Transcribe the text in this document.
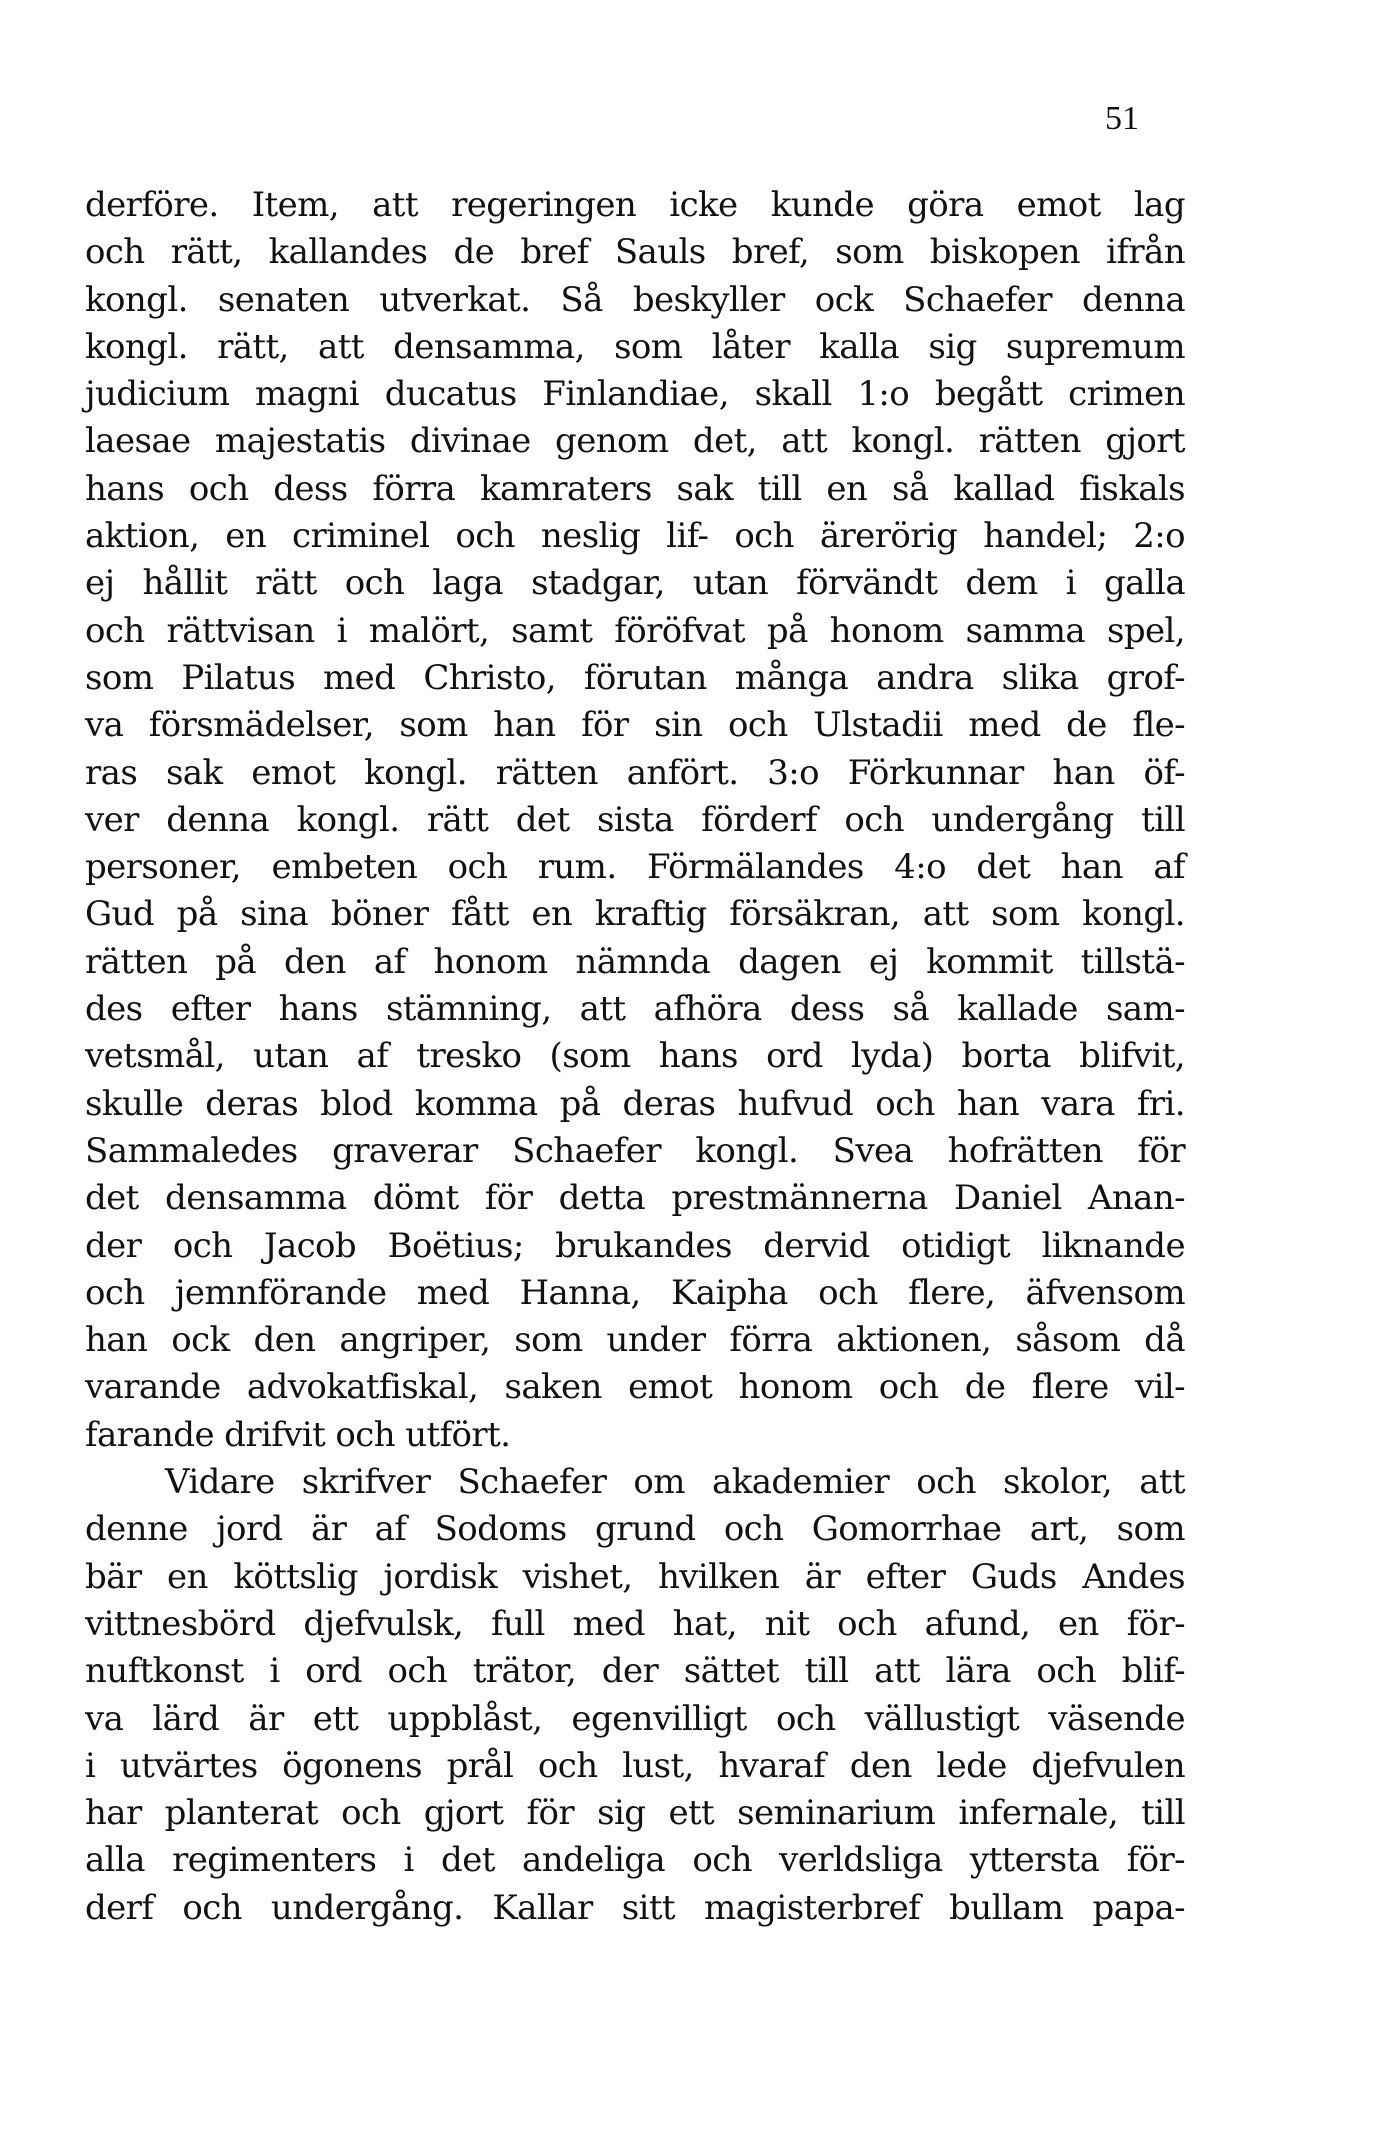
51
derföre. Item, att regeringen icke kunde göra emot lag
och rätt, kallandes de bref Sauls bref, som biskopen ifrån
kongl. senaten utverkat. Så beskyller ock Schaefer denna
kongl. rätt, att densamma, som låter kalla sig supremum
judicium magni ducatus Finlandiae, skall 1:o begått crimen
laesae majestatis divinae genom det, att kongl. rätten gjort
hans och dess förra kamraters sak till en så kallad fiskals
aktion, en criminel och neslig lif- och ärerörig handel; 2:o
ej hållit rätt och laga stadgar, utan förvändt dem i galla
och rättvisan i malört, samt föröfvat på honom samma spel,
som Pilatus med Christo, förutan många andra slika grof-
va försmädelser, som han för sin och Ulstadii med de fle-
ras sak emot kongl. rätten anfört. 3:o Förkunnar han öf-
ver denna kongl. rätt det sista förderf och undergång till
personer, embeten och rum. Förmälandes 4:o det han af
Gud på sina böner fått en kraftig försäkran, att som kongl.
rätten på den af honom nämnda dagen ej kommit tillstä-
des efter hans stämning, att afhöra dess så kallade sam-
vetsmål, utan af tresko (som hans ord lyda) borta blifvit,
skulle deras blod komma på deras hufvud och han vara fri.
Sammaledes graverar Schaefer kongl. Svea hofrätten för
det densamma dömt för detta prestmännerna Daniel Anan-
der och Jacob Boëtius; brukandes dervid otidigt liknande
och jemnförande med Hanna, Kaipha och flere, äfvensom
han ock den angriper, som under förra aktionen, såsom då
varande advokatfiskal, saken emot honom och de flere vil-
farande drifvit och utfört.
Vidare skrifver Schaefer om akademier och skolor, att
denne jord är af Sodoms grund och Gomorrhae art, som
bär en köttslig jordisk vishet, hvilken är efter Guds Andes
vittnesbörd djefvulsk, full med hat, nit och afund, en för-
nuftkonst i ord och trätor, der sättet till att lära och blif-
va lärd är ett uppblåst, egenvilligt och vällustigt väsende
i utvärtes ögonens prål och lust, hvaraf den lede djefvulen
har planterat och gjort för sig ett seminarium infernale, till
alla regimenters i det andeliga och verldsliga yttersta för-
derf och undergång. Kallar sitt magisterbref bullam papa-
